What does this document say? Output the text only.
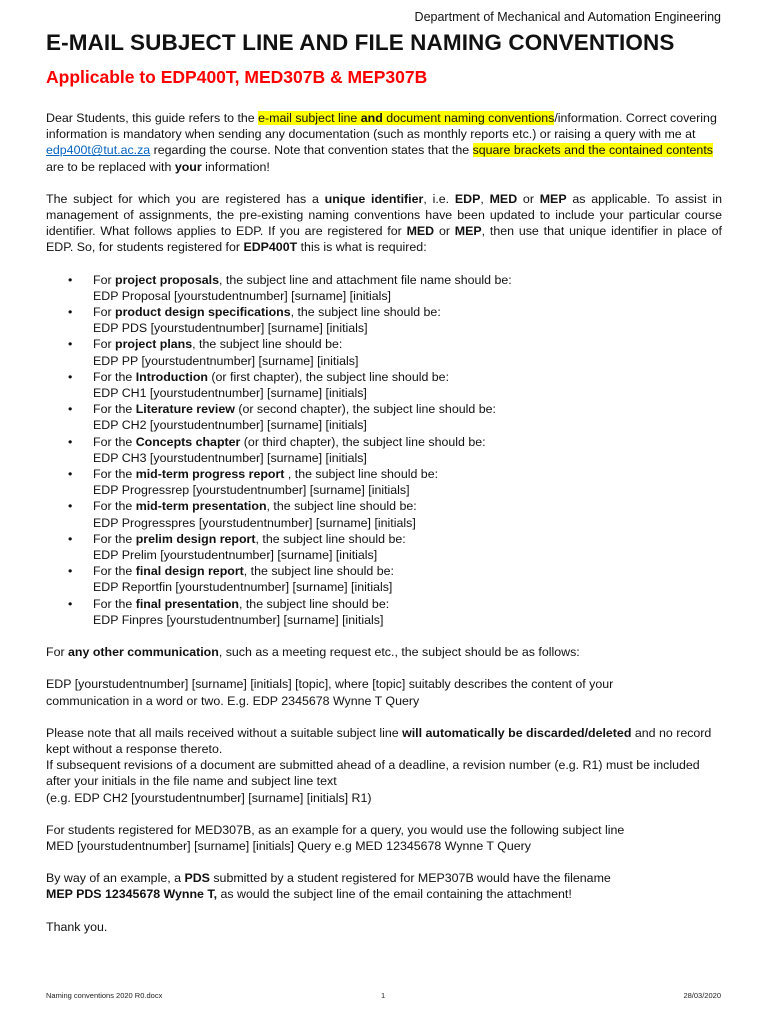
Department of Mechanical and Automation Engineering
E-MAIL SUBJECT LINE AND FILE NAMING CONVENTIONS
Applicable to EDP400T, MED307B & MEP307B

Dear Students, this guide refers to the e-mail subject line and document naming conventions/information. Correct covering information is mandatory when sending any documentation (such as monthly reports etc.) or raising a query with me at edp400t@tut.ac.za regarding the course. Note that convention states that the square brackets and the contained contents are to be replaced with your information!

The subject for which you are registered has a unique identifier, i.e. EDP, MED or MEP as applicable. To assist in management of assignments, the pre-existing naming conventions have been updated to include your particular course identifier. What follows applies to EDP. If you are registered for MED or MEP, then use that unique identifier in place of EDP. So, for students registered for EDP400T this is what is required:

• For project proposals, the subject line and attachment file name should be:
EDP Proposal [yourstudentnumber] [surname] [initials]
• For product design specifications, the subject line should be:
EDP PDS [yourstudentnumber] [surname] [initials]
• For project plans, the subject line should be:
EDP PP [yourstudentnumber] [surname] [initials]
• For the Introduction (or first chapter), the subject line should be:
EDP CH1 [yourstudentnumber] [surname] [initials]
• For the Literature review (or second chapter), the subject line should be:
EDP CH2 [yourstudentnumber] [surname] [initials]
• For the Concepts chapter (or third chapter), the subject line should be:
EDP CH3 [yourstudentnumber] [surname] [initials]
• For the mid-term progress report , the subject line should be:
EDP Progressrep [yourstudentnumber] [surname] [initials]
• For the mid-term presentation, the subject line should be:
EDP Progresspres [yourstudentnumber] [surname] [initials]
• For the prelim design report, the subject line should be:
EDP Prelim [yourstudentnumber] [surname] [initials]
• For the final design report, the subject line should be:
EDP Reportfin [yourstudentnumber] [surname] [initials]
• For the final presentation, the subject line should be:
EDP Finpres [yourstudentnumber] [surname] [initials]

For any other communication, such as a meeting request etc., the subject should be as follows:

EDP [yourstudentnumber] [surname] [initials] [topic], where [topic] suitably describes the content of your
communication in a word or two. E.g. EDP 2345678 Wynne T Query

Please note that all mails received without a suitable subject line will automatically be discarded/deleted and no record kept without a response thereto.

If subsequent revisions of a document are submitted ahead of a deadline, a revision number (e.g. R1) must be included after your initials in the file name and subject line text

(e.g. EDP CH2 [yourstudentnumber] [surname] [initials] R1)

For students registered for MED307B, as an example for a query, you would use the following subject line
MED [yourstudentnumber] [surname] [initials] Query e.g MED 12345678 Wynne T Query

By way of an example, a PDS submitted by a student registered for MEP307B would have the filename
MEP PDS 12345678 Wynne T, as would the subject line of the email containing the attachment!

Thank you.

Naming conventions 2020 R0.docx	1	28/03/2020
